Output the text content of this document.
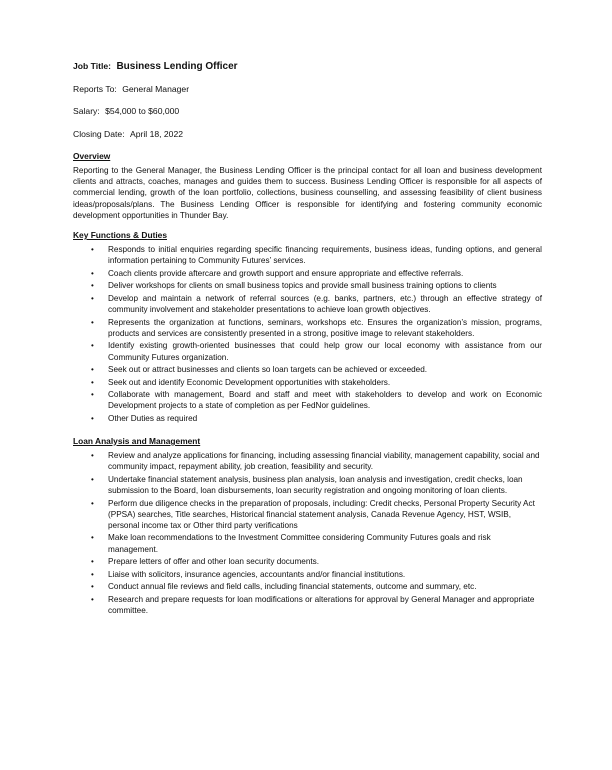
Job Title: Business Lending Officer

Reports To: General Manager

Salary: $54,000 to $60,000

Closing Date: April 18, 2022

Overview

Reporting to the General Manager, the Business Lending Officer is the principal contact for all loan and business development clients and attracts, coaches, manages and guides them to success. Business Lending Officer is responsible for all aspects of commercial lending, growth of the loan portfolio, collections, business counselling, and assessing feasibility of client business ideas/proposals/plans. The Business Lending Officer is responsible for identifying and fostering community economic development opportunities in Thunder Bay.

Key Functions & Duties

• Responds to initial enquiries regarding specific financing requirements, business ideas, funding options, and general information pertaining to Community Futures’ services.
• Coach clients provide aftercare and growth support and ensure appropriate and effective referrals.
• Deliver workshops for clients on small business topics and provide small business training options to clients
• Develop and maintain a network of referral sources (e.g. banks, partners, etc.) through an effective strategy of community involvement and stakeholder presentations to achieve loan growth objectives.
• Represents the organization at functions, seminars, workshops etc. Ensures the organization’s mission, programs, products and services are consistently presented in a strong, positive image to relevant stakeholders.
• Identify existing growth-oriented businesses that could help grow our local economy with assistance from our Community Futures organization.
• Seek out or attract businesses and clients so loan targets can be achieved or exceeded.
• Seek out and identify Economic Development opportunities with stakeholders.
• Collaborate with management, Board and staff and meet with stakeholders to develop and work on Economic Development projects to a state of completion as per FedNor guidelines.
• Other Duties as required

Loan Analysis and Management

• Review and analyze applications for financing, including assessing financial viability, management capability, social and community impact, repayment ability, job creation, feasibility and security.
• Undertake financial statement analysis, business plan analysis, loan analysis and investigation, credit checks, loan submission to the Board, loan disbursements, loan security registration and ongoing monitoring of loan clients.
• Perform due diligence checks in the preparation of proposals, including: Credit checks, Personal Property Security Act (PPSA) searches, Title searches, Historical financial statement analysis, Canada Revenue Agency, HST, WSIB, personal income tax or Other third party verifications
• Make loan recommendations to the Investment Committee considering Community Futures goals and risk management.
• Prepare letters of offer and other loan security documents.
• Liaise with solicitors, insurance agencies, accountants and/or financial institutions.
• Conduct annual file reviews and field calls, including financial statements, outcome and summary, etc.
• Research and prepare requests for loan modifications or alterations for approval by General Manager and appropriate committee.
